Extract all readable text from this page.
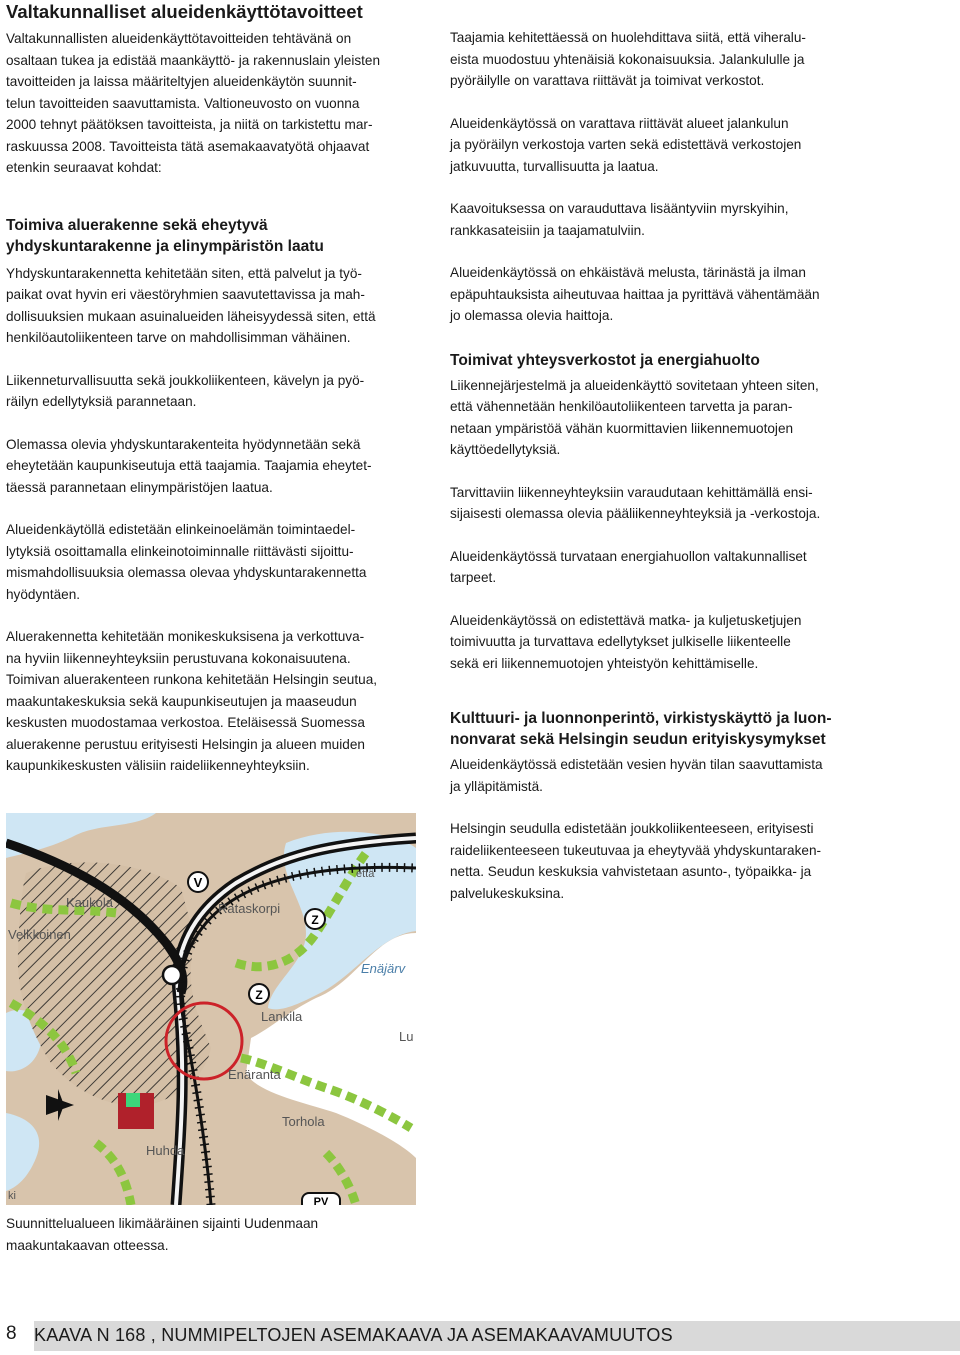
Valtakunnalliset alueidenkäyttötavoitteet

Valtakunnallisten alueidenkäyttötavoitteiden tehtävänä on

osaltaan tukea ja edistää maankäyttö- ja rakennuslain yleisten

tavoitteiden ja laissa määriteltyjen alueidenkäytön suunnit-

telun tavoitteiden saavuttamista. Valtioneuvosto on vuonna

2000 tehnyt päätöksen tavoitteista, ja niitä on tarkistettu mar-

raskuussa 2008. Tavoitteista tätä asemakaavatyötä ohjaavat

etenkin seuraavat kohdat:

Toimiva aluerakenne sekä eheytyvä
yhdyskuntarakenne ja elinympäristön laatu

Yhdyskuntarakennetta kehitetään siten, että palvelut ja työ-

paikat ovat hyvin eri väestöryhmien saavutettavissa ja mah-

dollisuuksien mukaan asuinalueiden läheisyydessä siten, että

henkilöautoliikenteen tarve on mahdollisimman vähäinen.

Liikenneturvallisuutta sekä joukkoliikenteen, kävelyn ja pyö-

räilyn edellytyksiä parannetaan.

Olemassa olevia yhdyskuntarakenteita hyödynnetään sekä

eheytetään kaupunkiseutuja että taajamia. Taajamia eheytet-

täessä parannetaan elinympäristöjen laatua.

Alueidenkäytöllä edistetään elinkeinoelämän toimintaedel-

lytyksiä osoittamalla elinkeinotoiminnalle riittävästi sijoittu-

mismahdollisuuksia olemassa olevaa yhdyskuntarakennetta

hyödyntäen.

Aluerakennetta kehitetään monikeskuksisena ja verkottuva-

na hyviin liikenneyhteyksiin perustuvana kokonaisuutena.

Toimivan aluerakenteen runkona kehitetään Helsingin seutua,

maakuntakeskuksia sekä kaupunkiseutujen ja maaseudun

keskusten muodostamaa verkostoa. Eteläisessä Suomessa

aluerakenne perustuu erityisesti Helsingin ja alueen muiden

kaupunkikeskusten välisiin raideliikenneyhteyksiin.

V
Z
Z
PV
Kaukola	Rataskorpi
Velkkoinen
Enäjärv
Lankila
Lu
Enäranta
Torhola
Huhda
että
ki

Suunnittelualueen likimääräinen sijainti Uudenmaan

maakuntakaavan otteessa.

Taajamia kehitettäessä on huolehdittava siitä, että viheralu-

eista muodostuu yhtenäisiä kokonaisuuksia. Jalankululle ja

pyöräilylle on varattava riittävät ja toimivat verkostot.

Alueidenkäytössä on varattava riittävät alueet jalankulun

ja pyöräilyn verkostoja varten sekä edistettävä verkostojen

jatkuvuutta, turvallisuutta ja laatua.

Kaavoituksessa on varauduttava lisääntyviin myrskyihin,

rankkasateisiin ja taajamatulviin.

Alueidenkäytössä on ehkäistävä melusta, tärinästä ja ilman

epäpuhtauksista aiheutuvaa haittaa ja pyrittävä vähentämään

jo olemassa olevia haittoja.

Toimivat yhteysverkostot ja energiahuolto

Liikennejärjestelmä ja alueidenkäyttö sovitetaan yhteen siten,

että vähennetään henkilöautoliikenteen tarvetta ja paran-

netaan ympäristöä vähän kuormittavien liikennemuotojen

käyttöedellytyksiä.

Tarvittaviin liikenneyhteyksiin varaudutaan kehittämällä ensi-

sijaisesti olemassa olevia pääliikenneyhteyksiä ja -verkostoja.

Alueidenkäytössä turvataan energiahuollon valtakunnalliset

tarpeet.

Alueidenkäytössä on edistettävä matka- ja kuljetusketjujen

toimivuutta ja turvattava edellytykset julkiselle liikenteelle

sekä eri liikennemuotojen yhteistyön kehittämiselle.

Kulttuuri- ja luonnonperintö, virkistyskäyttö ja luon-
nonvarat sekä Helsingin seudun erityiskysymykset

Alueidenkäytössä edistetään vesien hyvän tilan saavuttamista

ja ylläpitämistä.

Helsingin seudulla edistetään joukkoliikenteeseen, erityisesti

raideliikenteeseen tukeutuvaa ja eheytyvää yhdyskuntaraken-

netta. Seudun keskuksia vahvistetaan asunto-, työpaikka- ja

palvelukeskuksina.

8 KAAVA N 168 , NUMMIPELTOJEN ASEMAKAAVA JA ASEMAKAAVAMUUTOS
